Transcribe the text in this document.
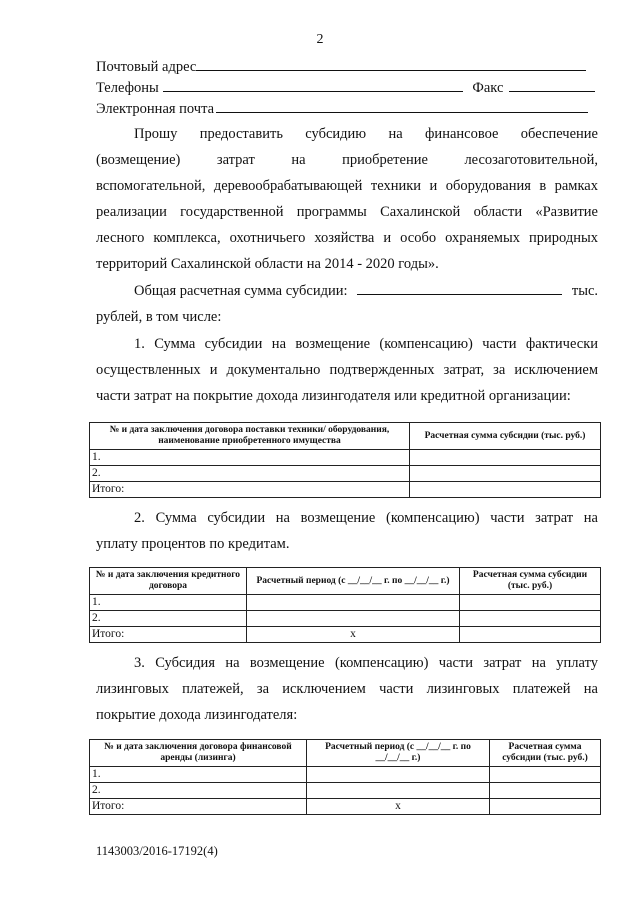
2
Почтовый адрес
Телефоны	Факс
Электронная почта
Прошу предоставить субсидию на финансовое обеспечение
(возмещение) затрат на приобретение лесозаготовительной,
вспомогательной, деревообрабатывающей техники и оборудования в рамках
реализации государственной программы Сахалинской области «Развитие
лесного комплекса, охотничьего хозяйства и особо охраняемых природных
территорий Сахалинской области на 2014 - 2020 годы».
Общая расчетная сумма субсидии:	тыс.
рублей, в том числе:
1. Сумма субсидии на возмещение (компенсацию) части фактически
осуществленных и документально подтвержденных затрат, за исключением
части затрат на покрытие дохода лизингодателя или кредитной организации:
№ и дата заключения договора поставки техники/ оборудования, наименование приобретенного имущества	Расчетная сумма субсидии (тыс. руб.)
1.	
2.	
Итого:	
2. Сумма субсидии на возмещение (компенсацию) части затрат на
уплату процентов по кредитам.
№ и дата заключения кредитного договора	Расчетный период (с __/__/__ г. по __/__/__ г.)	Расчетная сумма субсидии (тыс. руб.)
1.		
2.		
Итого:	x	
3. Субсидия на возмещение (компенсацию) части затрат на уплату
лизинговых платежей, за исключением части лизинговых платежей на
покрытие дохода лизингодателя:
№ и дата заключения договора финансовой аренды (лизинга)	Расчетный период (с __/__/__ г. по __/__/__ г.)	Расчетная сумма субсидии (тыс. руб.)
1.		
2.		
Итого:	x	
1143003/2016-17192(4)
